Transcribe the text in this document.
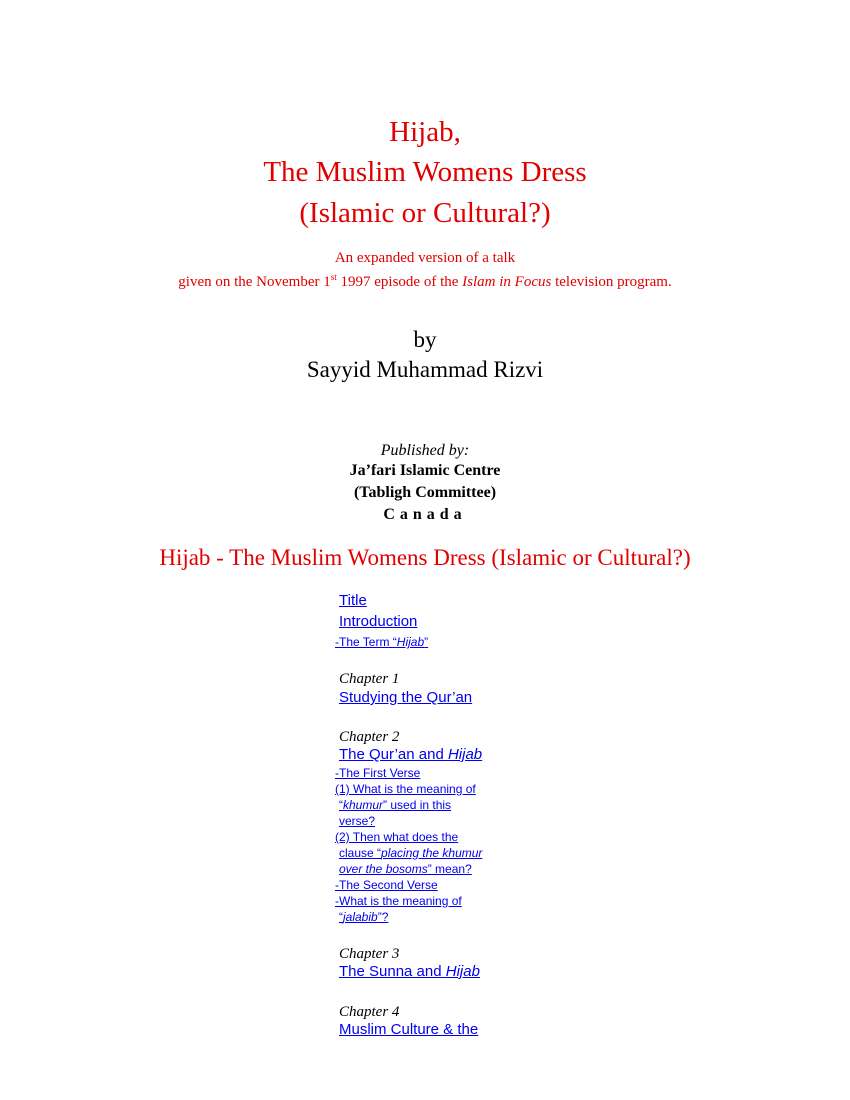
Hijab,
The Muslim Womens Dress
(Islamic or Cultural?)
An expanded version of a talk
given on the November 1st 1997 episode of the Islam in Focus television program.
by
Sayyid Muhammad Rizvi
Published by:
Ja’fari Islamic Centre
(Tabligh Committee)
Canada
Hijab - The Muslim Womens Dress (Islamic or Cultural?)
Title
Introduction
-The Term “Hijab”
Chapter 1
Studying the Qur’an
Chapter 2
The Qur’an and Hijab
-The First Verse
(1) What is the meaning of
“khumur” used in this
verse?
(2) Then what does the
clause “placing the khumur
over the bosoms” mean?
-The Second Verse
-What is the meaning of
“jalabib”?
Chapter 3
The Sunna and Hijab
Chapter 4
Muslim Culture & the
